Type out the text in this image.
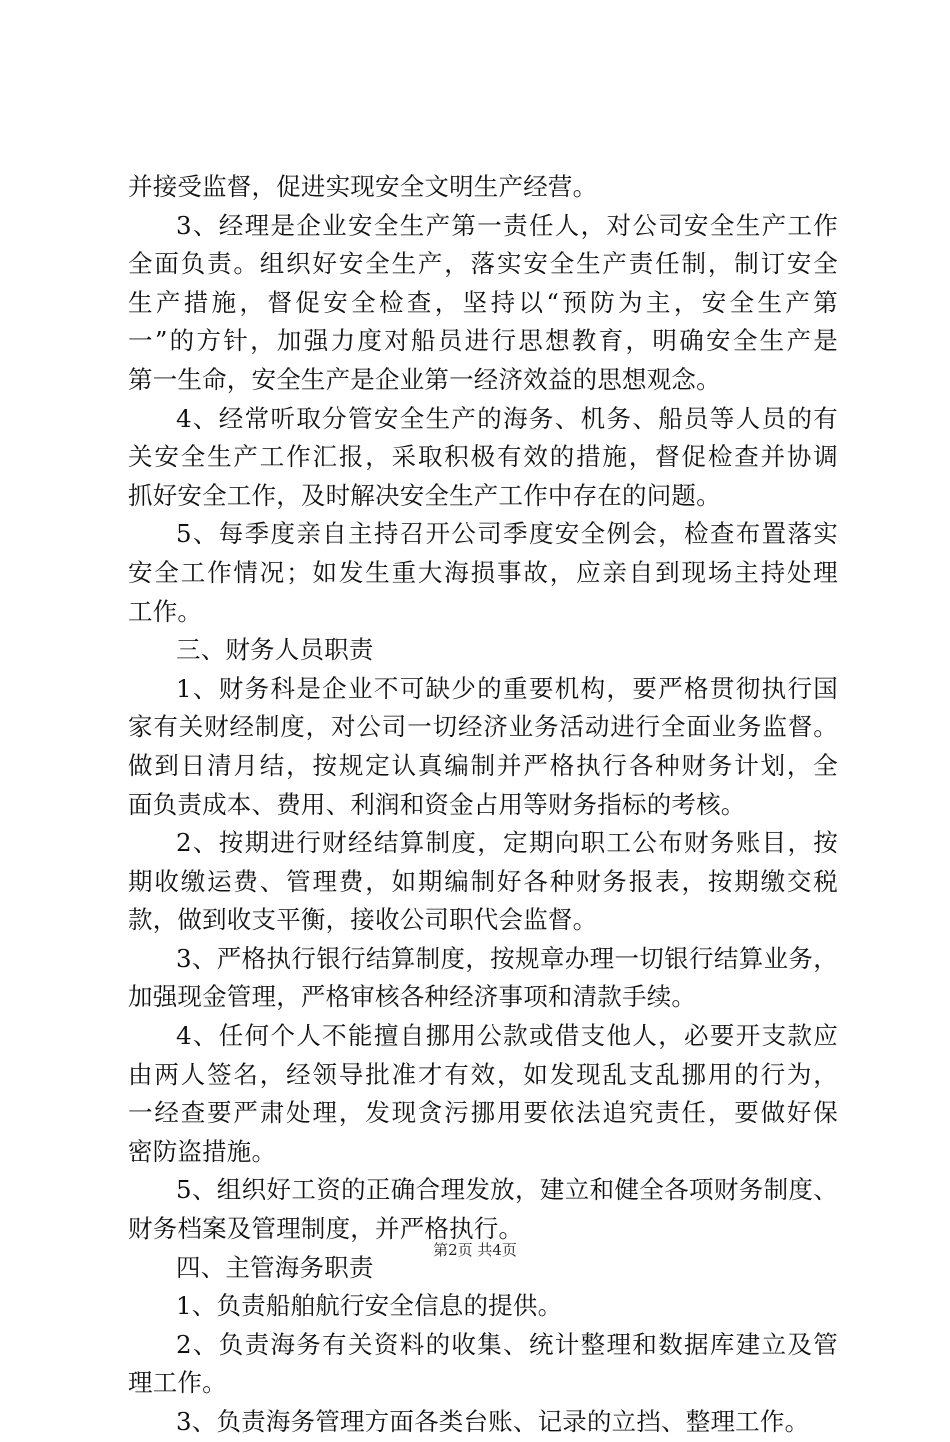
并接受监督，促进实现安全文明生产经营。
3、经理是企业安全生产第一责任人，对公司安全生产工作
全面负责。组织好安全生产，落实安全生产责任制，制订安全
生产措施，督促安全检查，坚持以“预防为主，安全生产第
一”的方针，加强力度对船员进行思想教育，明确安全生产是
第一生命，安全生产是企业第一经济效益的思想观念。
4、经常听取分管安全生产的海务、机务、船员等人员的有
关安全生产工作汇报，采取积极有效的措施，督促检查并协调
抓好安全工作，及时解决安全生产工作中存在的问题。
5、每季度亲自主持召开公司季度安全例会，检查布置落实
安全工作情况；如发生重大海损事故，应亲自到现场主持处理
工作。
三、财务人员职责
1、财务科是企业不可缺少的重要机构，要严格贯彻执行国
家有关财经制度，对公司一切经济业务活动进行全面业务监督。
做到日清月结，按规定认真编制并严格执行各种财务计划，全
面负责成本、费用、利润和资金占用等财务指标的考核。
2、按期进行财经结算制度，定期向职工公布财务账目，按
期收缴运费、管理费，如期编制好各种财务报表，按期缴交税
款，做到收支平衡，接收公司职代会监督。
3、严格执行银行结算制度，按规章办理一切银行结算业务，
加强现金管理，严格审核各种经济事项和清款手续。
4、任何个人不能擅自挪用公款或借支他人，必要开支款应
由两人签名，经领导批准才有效，如发现乱支乱挪用的行为，
一经查要严肃处理，发现贪污挪用要依法追究责任，要做好保
密防盗措施。
5、组织好工资的正确合理发放，建立和健全各项财务制度、
财务档案及管理制度，并严格执行。
四、主管海务职责
1、负责船舶航行安全信息的提供。
2、负责海务有关资料的收集、统计整理和数据库建立及管
理工作。
3、负责海务管理方面各类台账、记录的立挡、整理工作。
第2页 共4页
